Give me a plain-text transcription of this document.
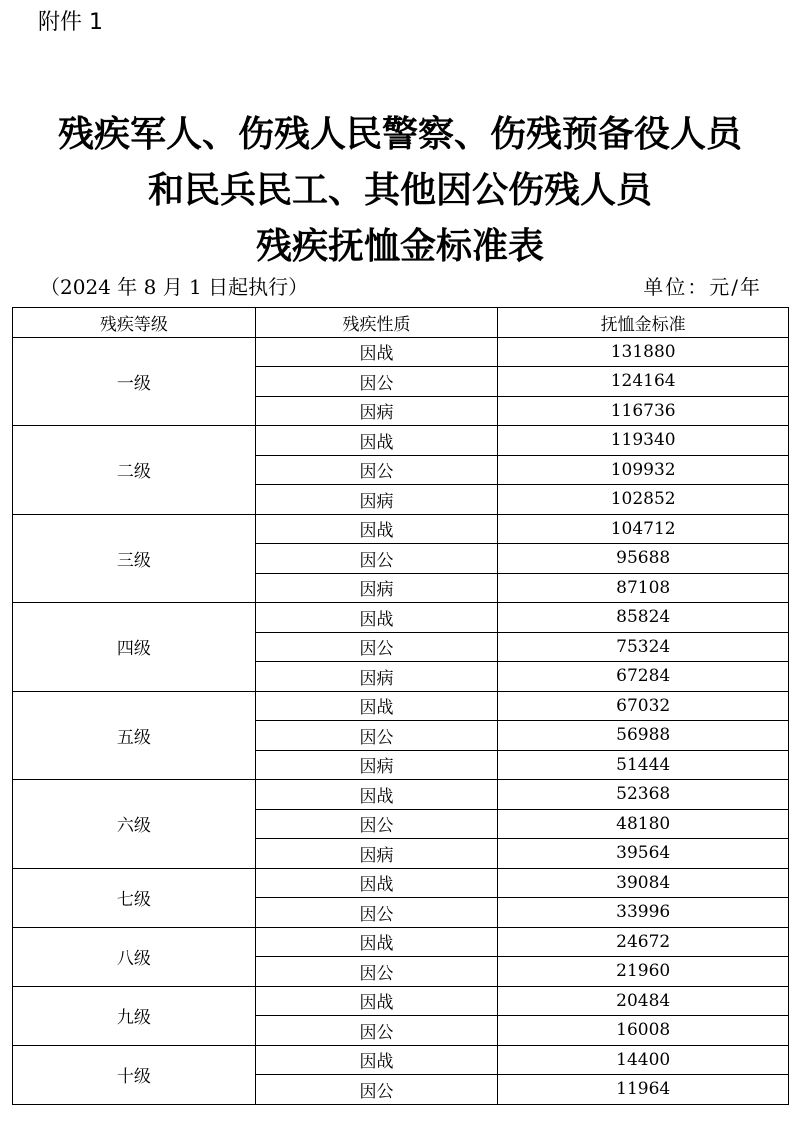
附件 1
残疾军人、伤残人民警察、伤残预备役人员
和民兵民工、其他因公伤残人员
残疾抚恤金标准表
（2024 年 8 月 1 日起执行）	单位：元/年
残疾等级	残疾性质	抚恤金标准
一级	因战	131880
	因公	124164
	因病	116736
二级	因战	119340
	因公	109932
	因病	102852
三级	因战	104712
	因公	95688
	因病	87108
四级	因战	85824
	因公	75324
	因病	67284
五级	因战	67032
	因公	56988
	因病	51444
六级	因战	52368
	因公	48180
	因病	39564
七级	因战	39084
	因公	33996
八级	因战	24672
	因公	21960
九级	因战	20484
	因公	16008
十级	因战	14400
	因公	11964
